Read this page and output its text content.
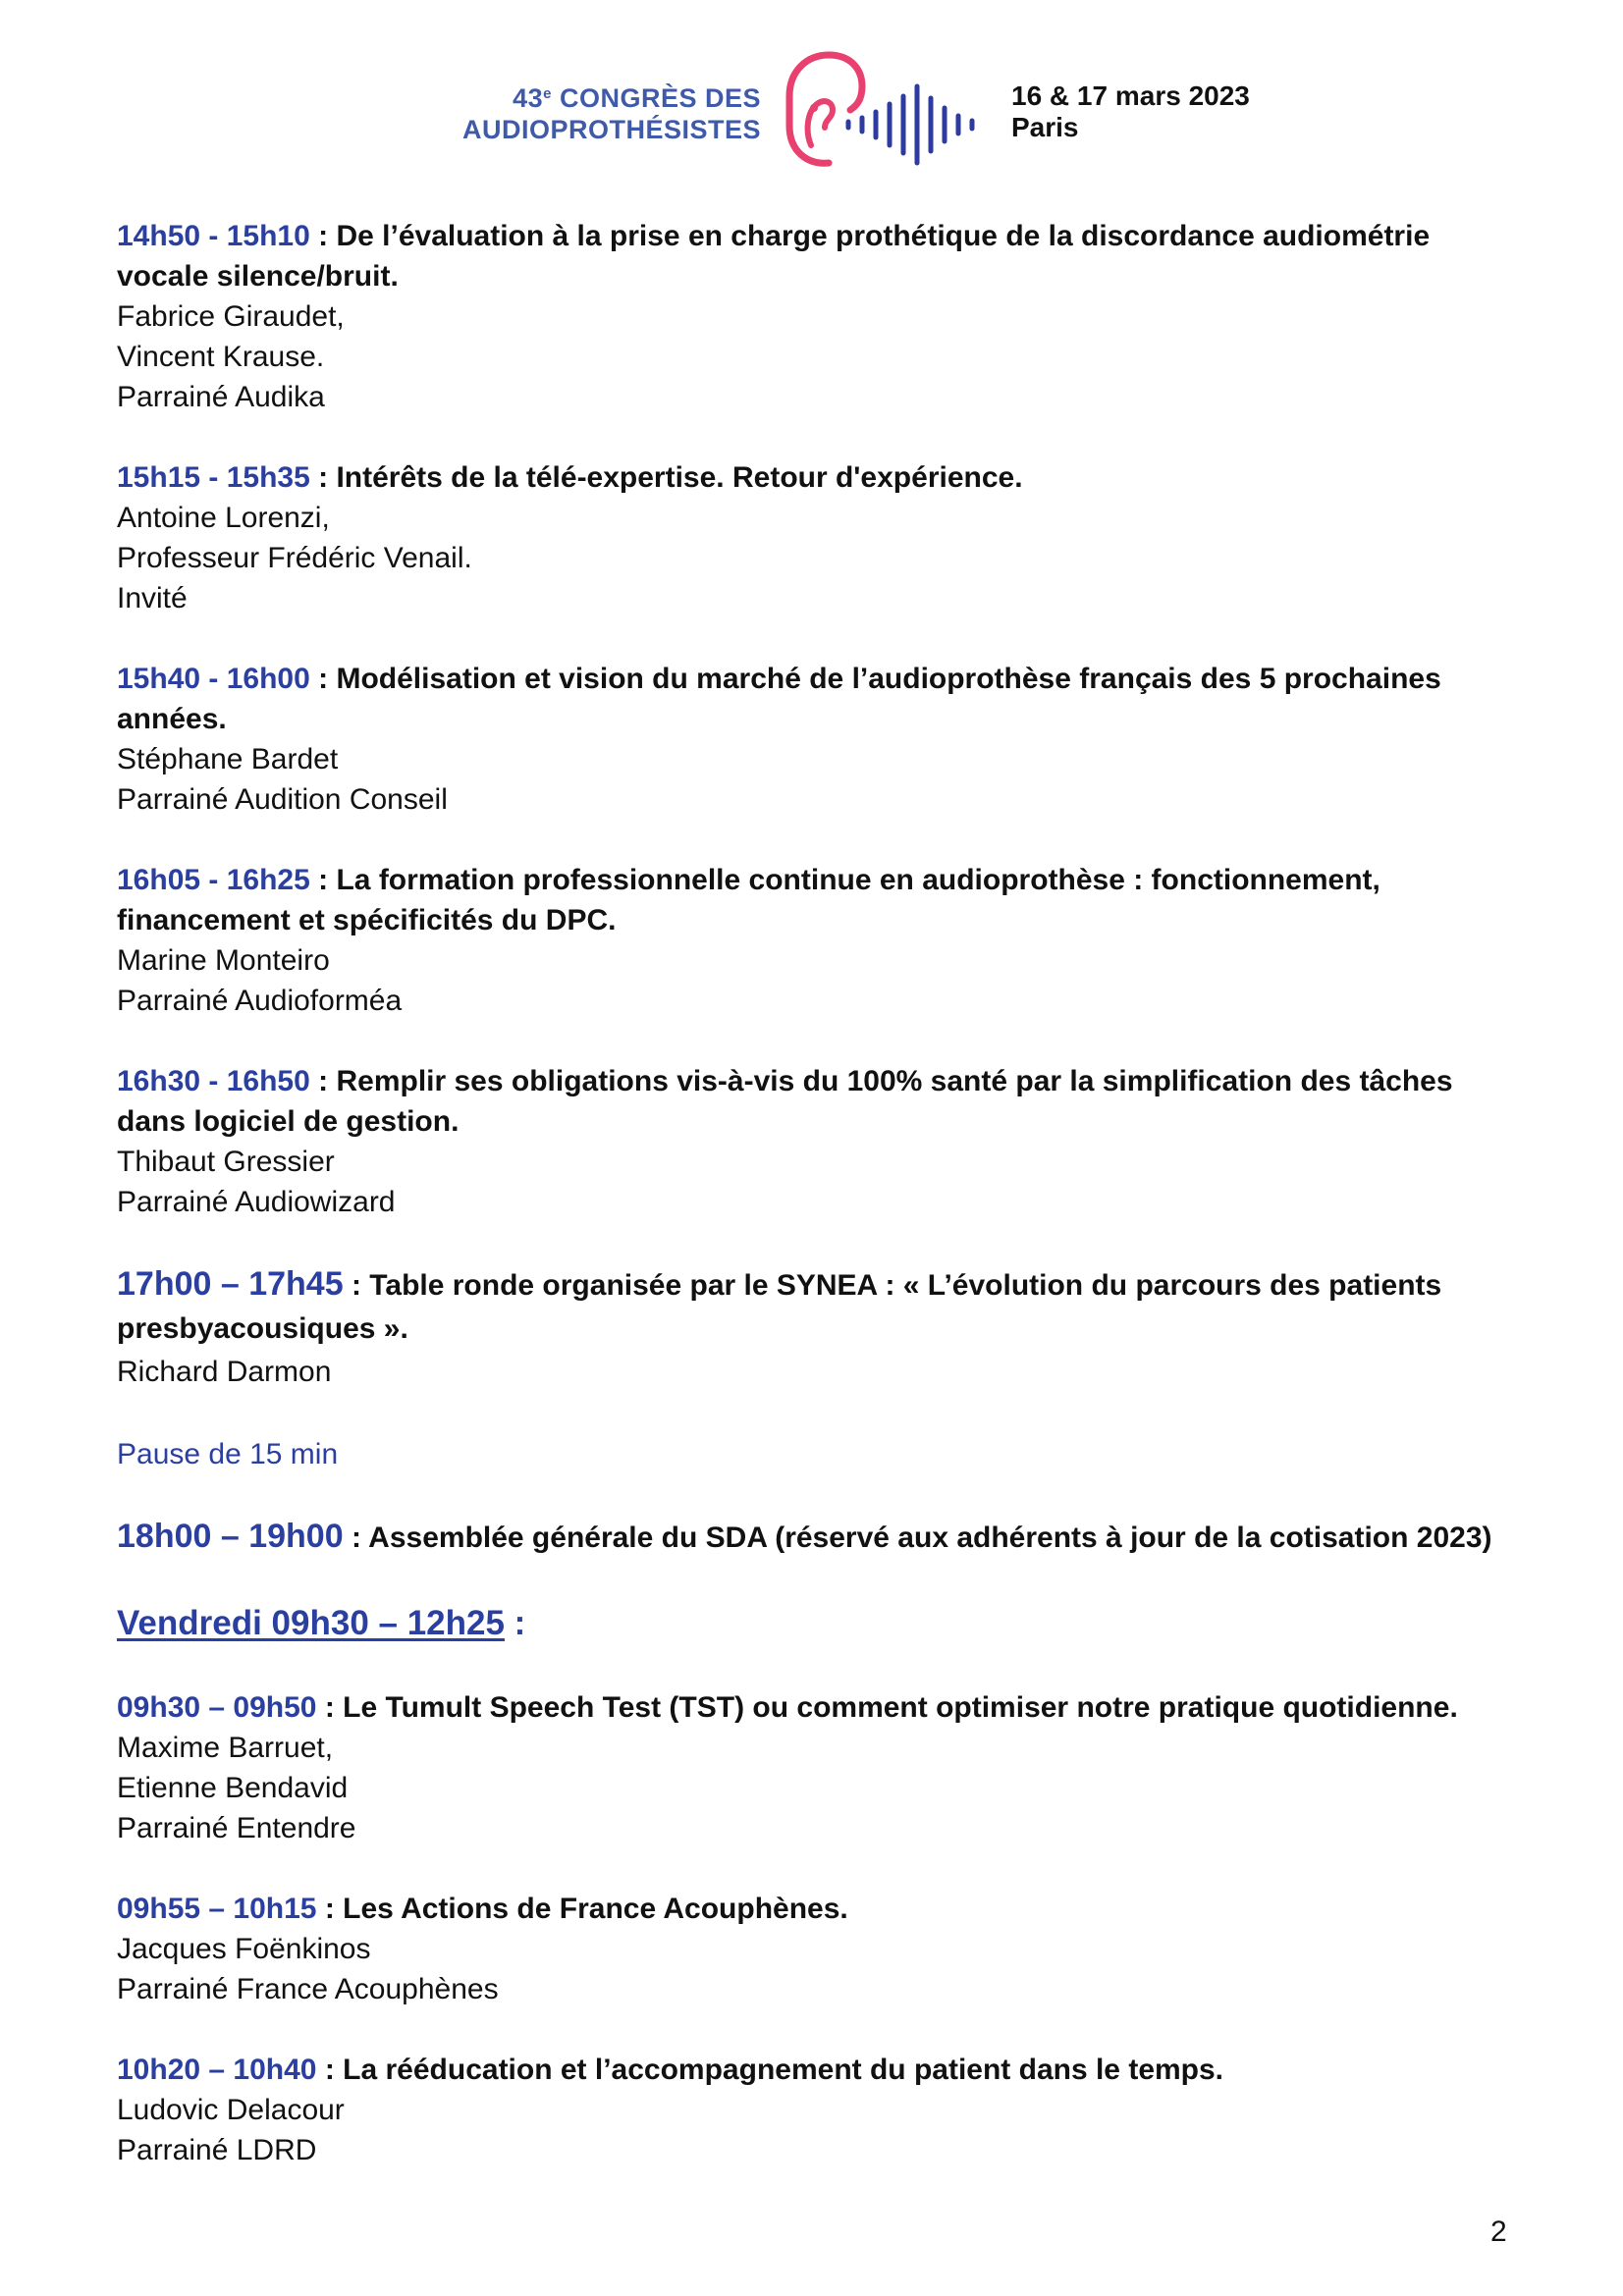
43e CONGRÈS DES
AUDIOPROTHÉSISTES
16 & 17 mars 2023
Paris
14h50 - 15h10 : De l’évaluation à la prise en charge prothétique de la discordance audiométrie vocale silence/bruit.
Fabrice Giraudet,
Vincent Krause.
Parrainé Audika
15h15 - 15h35 : Intérêts de la télé-expertise. Retour d'expérience.
Antoine Lorenzi,
Professeur Frédéric Venail.
Invité
15h40 - 16h00 : Modélisation et vision du marché de l’audioprothèse français des 5 prochaines années.
Stéphane Bardet
Parrainé Audition Conseil
16h05 - 16h25 : La formation professionnelle continue en audioprothèse : fonctionnement, financement et spécificités du DPC.
Marine Monteiro
Parrainé Audioforméa
16h30 - 16h50 : Remplir ses obligations vis-à-vis du 100% santé par la simplification des tâches dans logiciel de gestion.
Thibaut Gressier
Parrainé Audiowizard
17h00 – 17h45 : Table ronde organisée par le SYNEA : « L’évolution du parcours des patients presbyacousiques ».
Richard Darmon
Pause de 15 min
18h00 – 19h00 : Assemblée générale du SDA (réservé aux adhérents à jour de la cotisation 2023)
Vendredi 09h30 – 12h25 :
09h30 – 09h50 : Le Tumult Speech Test (TST) ou comment optimiser notre pratique quotidienne.
Maxime Barruet,
Etienne Bendavid
Parrainé Entendre
09h55 – 10h15 : Les Actions de France Acouphènes.
Jacques Foënkinos
Parrainé France Acouphènes
10h20 – 10h40 : La rééducation et l’accompagnement du patient dans le temps.
Ludovic Delacour
Parrainé LDRD
2
